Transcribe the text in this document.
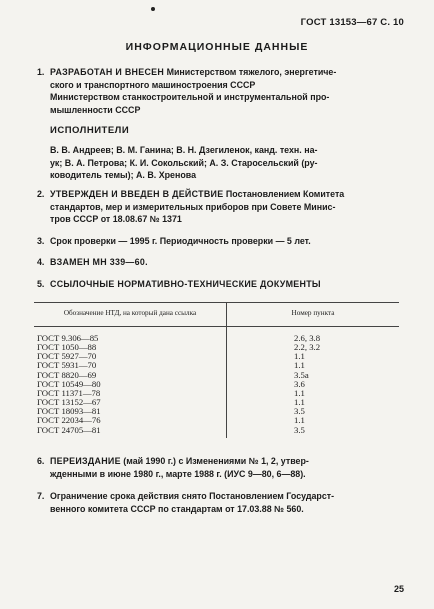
ГОСТ 13153—67 С. 10
ИНФОРМАЦИОННЫЕ ДАННЫЕ
1. РАЗРАБОТАН И ВНЕСЕН Министерством тяжелого, энергетиче-
ского и транспортного машиностроения СССР
Министерством станкостроительной и инструментальной про-
мышленности СССР
ИСПОЛНИТЕЛИ
В. В. Андреев; В. М. Ганина; В. Н. Дзегиленок, канд. техн. на-
ук; В. А. Петрова; К. И. Сокольский; А. З. Старосельский (ру-
ководитель темы); А. В. Хренова
2. УТВЕРЖДЕН И ВВЕДЕН В ДЕЙСТВИЕ Постановлением Комитета
стандартов, мер и измерительных приборов при Совете Минис-
тров СССР от 18.08.67 № 1371
3. Срок проверки — 1995 г. Периодичность проверки — 5 лет.
4. ВЗАМЕН МН 339—60.
5. ССЫЛОЧНЫЕ НОРМАТИВНО-ТЕХНИЧЕСКИЕ ДОКУМЕНТЫ
Обозначение НТД, на который дана ссылка	Номер пункта
ГОСТ 9.306—85	2.6, 3.8
ГОСТ 1050—88	2.2, 3.2
ГОСТ 5927—70	1.1
ГОСТ 5931—70	1.1
ГОСТ 8820—69	3.5а
ГОСТ 10549—80	3.6
ГОСТ 11371—78	1.1
ГОСТ 13152—67	1.1
ГОСТ 18093—81	3.5
ГОСТ 22034—76	1.1
ГОСТ 24705—81	3.5
6. ПЕРЕИЗДАНИЕ (май 1990 г.) с Изменениями № 1, 2, утвер-
жденными в июне 1980 г., марте 1988 г. (ИУС 9—80, 6—88).
7. Ограничение срока действия снято Постановлением Государст-
венного комитета СССР по стандартам от 17.03.88 № 560.
25
